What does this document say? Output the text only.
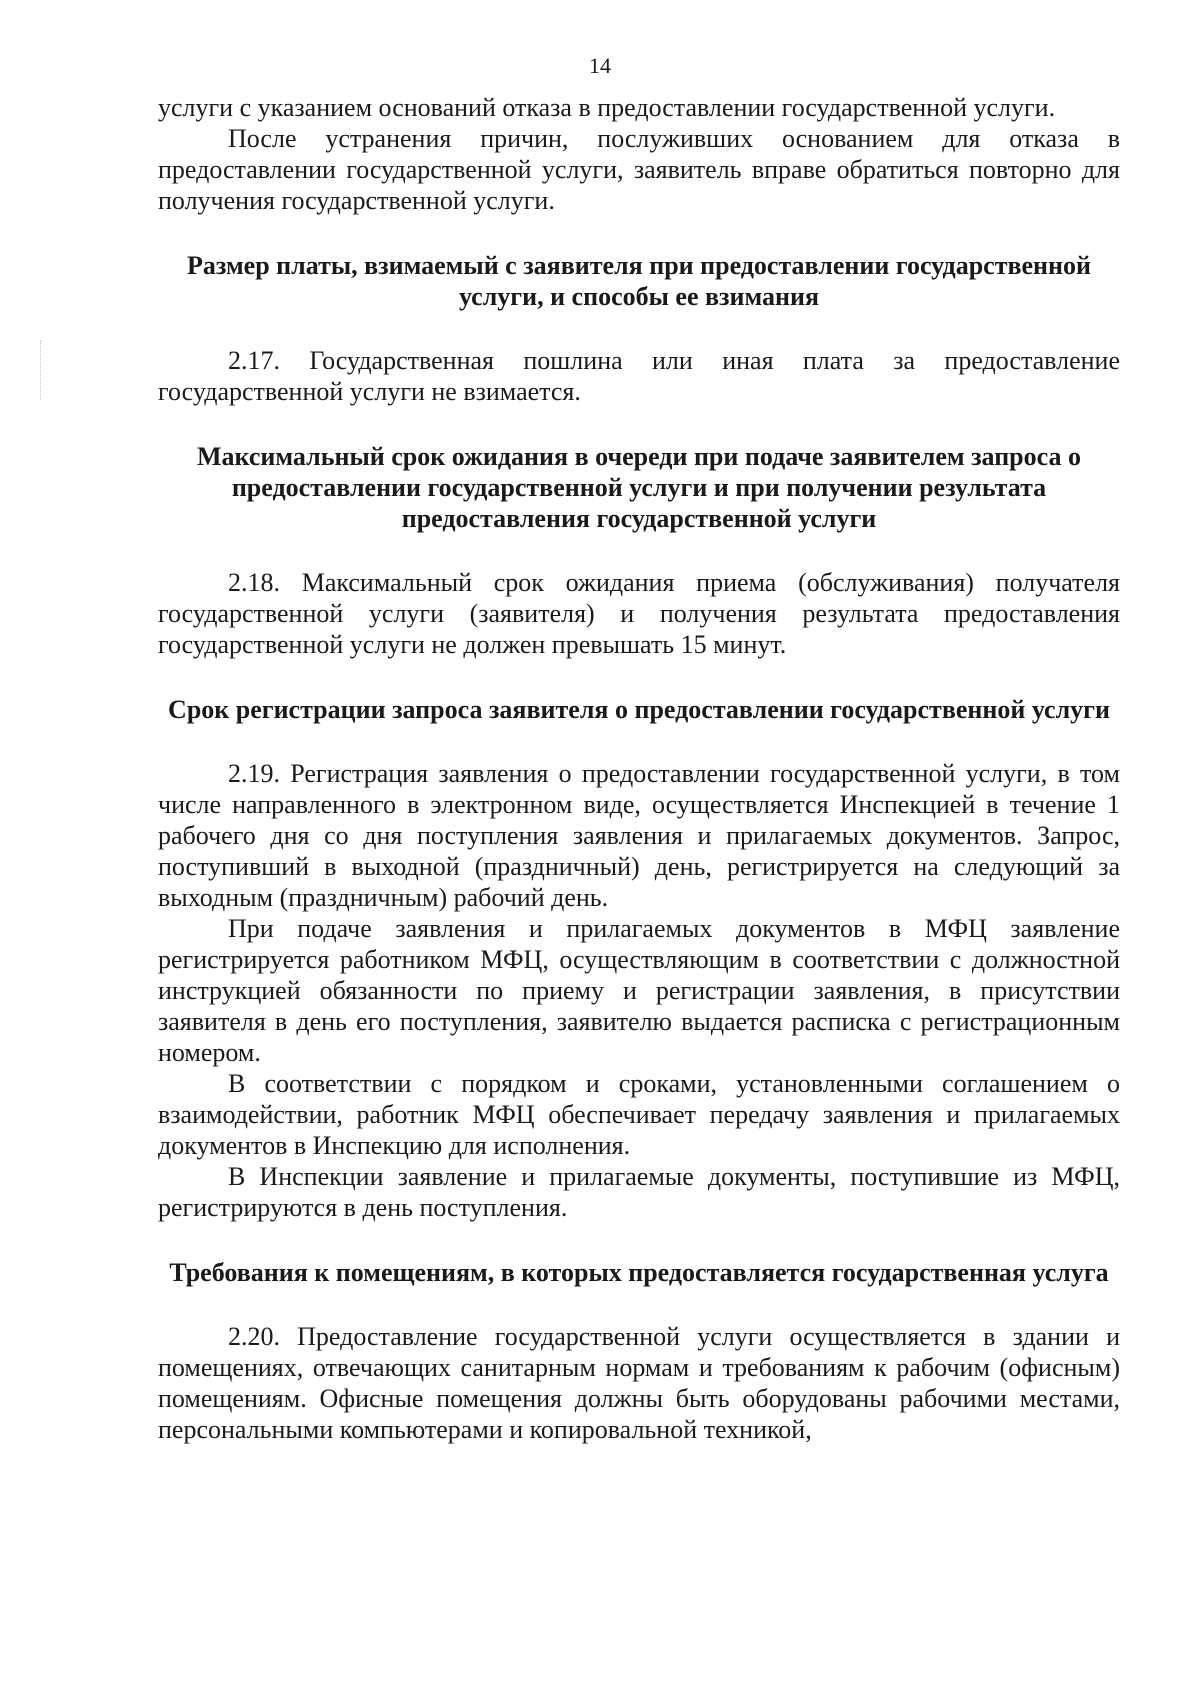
14

услуги с указанием оснований отказа в предоставлении государственной услуги.

После устранения причин, послуживших основанием для отказа в предоставлении государственной услуги, заявитель вправе обратиться повторно для получения государственной услуги.

Размер платы, взимаемый с заявителя при предоставлении государственной услуги, и способы ее взимания

2.17. Государственная пошлина или иная плата за предоставление государственной услуги не взимается.

Максимальный срок ожидания в очереди при подаче заявителем запроса о предоставлении государственной услуги и при получении результата предоставления государственной услуги

2.18. Максимальный срок ожидания приема (обслуживания) получателя государственной услуги (заявителя) и получения результата предоставления государственной услуги не должен превышать 15 минут.

Срок регистрации запроса заявителя о предоставлении государственной услуги

2.19. Регистрация заявления о предоставлении государственной услуги, в том числе направленного в электронном виде, осуществляется Инспекцией в течение 1 рабочего дня со дня поступления заявления и прилагаемых документов. Запрос, поступивший в выходной (праздничный) день, регистрируется на следующий за выходным (праздничным) рабочий день.

При подаче заявления и прилагаемых документов в МФЦ заявление регистрируется работником МФЦ, осуществляющим в соответствии с должностной инструкцией обязанности по приему и регистрации заявления, в присутствии заявителя в день его поступления, заявителю выдается расписка с регистрационным номером.

В соответствии с порядком и сроками, установленными соглашением о взаимодействии, работник МФЦ обеспечивает передачу заявления и прилагаемых документов в Инспекцию для исполнения.

В Инспекции заявление и прилагаемые документы, поступившие из МФЦ, регистрируются в день поступления.

Требования к помещениям, в которых предоставляется государственная услуга

2.20. Предоставление государственной услуги осуществляется в здании и помещениях, отвечающих санитарным нормам и требованиям к рабочим (офисным) помещениям. Офисные помещения должны быть оборудованы рабочими местами, персональными компьютерами и копировальной техникой,
